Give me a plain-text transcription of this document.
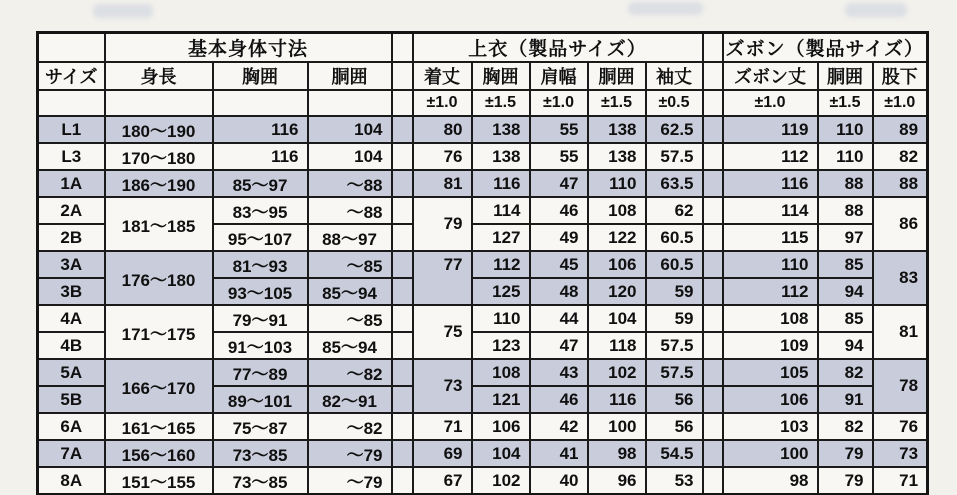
	基本身体寸法				上衣（製品サイズ）						ズボン（製品サイズ）		
サイズ	身長	胸囲	胴囲		着丈	胸囲	肩幅	胴囲	袖丈		ズボン丈	胴囲	股下
					±1.0	±1.5	±1.0	±1.5	±0.5		±1.0	±1.5	±1.0
L1	180～190	116	104		80	138	55	138	62.5		119	110	89
L3	170～180	116	104		76	138	55	138	57.5		112	110	82
1A	186～190	85～97	～88		81	116	47	110	63.5		116	88	88
2A	181～185	83～95	～88		79	114	46	108	62		114	88	86
2B		95～107	88～97			127	49	122	60.5		115	97	
3A	176～180	81～93	～85		77	112	45	106	60.5		110	85	83
3B		93～105	85～94			125	48	120	59		112	94	
4A	171～175	79～91	～85		75	110	44	104	59		108	85	81
4B		91～103	85～94			123	47	118	57.5		109	94	
5A	166～170	77～89	～82		73	108	43	102	57.5		105	82	78
5B		89～101	82～91			121	46	116	56		106	91	
6A	161～165	75～87	～82		71	106	42	100	56		103	82	76
7A	156～160	73～85	～79		69	104	41	98	54.5		100	79	73
8A	151～155	73～85	～79		67	102	40	96	53		98	79	71
